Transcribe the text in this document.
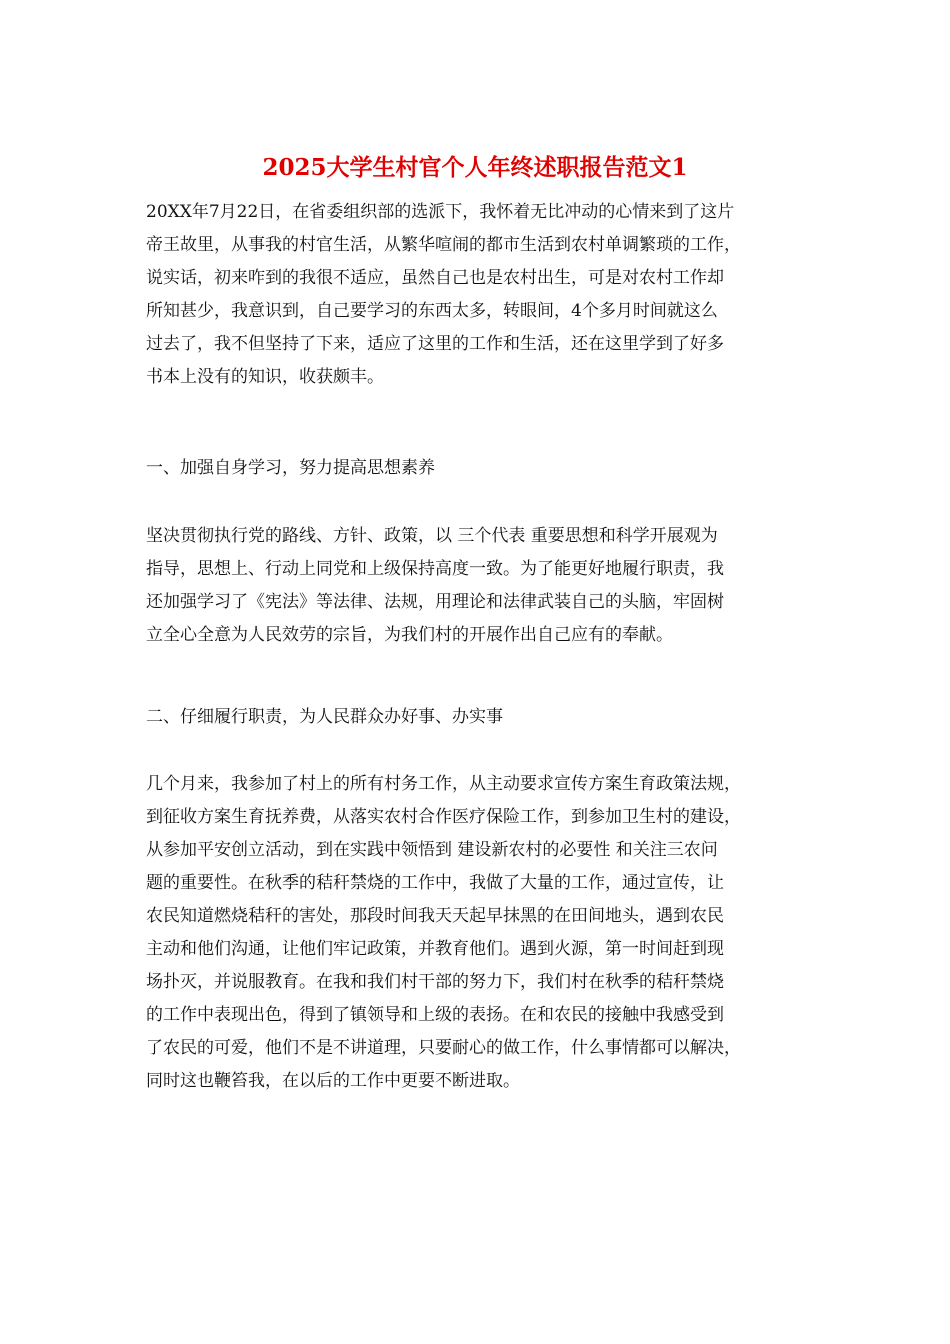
2025大学生村官个人年终述职报告范文1
20XX年7月22日，在省委组织部的选派下，我怀着无比冲动的心情来到了这片
帝王故里，从事我的村官生活，从繁华喧闹的都市生活到农村单调繁琐的工作，
说实话，初来咋到的我很不适应，虽然自己也是农村出生，可是对农村工作却
所知甚少，我意识到，自己要学习的东西太多，转眼间，4个多月时间就这么
过去了，我不但坚持了下来，适应了这里的工作和生活，还在这里学到了好多
书本上没有的知识，收获颇丰。
一、加强自身学习，努力提高思想素养
坚决贯彻执行党的路线、方针、政策，以 三个代表 重要思想和科学开展观为
指导，思想上、行动上同党和上级保持高度一致。为了能更好地履行职责，我
还加强学习了《宪法》等法律、法规，用理论和法律武装自己的头脑，牢固树
立全心全意为人民效劳的宗旨，为我们村的开展作出自己应有的奉献。
二、仔细履行职责，为人民群众办好事、办实事
几个月来，我参加了村上的所有村务工作，从主动要求宣传方案生育政策法规，
到征收方案生育抚养费，从落实农村合作医疗保险工作，到参加卫生村的建设，
从参加平安创立活动，到在实践中领悟到 建设新农村的必要性 和关注三农问
题的重要性。在秋季的秸秆禁烧的工作中，我做了大量的工作，通过宣传，让
农民知道燃烧秸秆的害处，那段时间我天天起早抹黑的在田间地头，遇到农民
主动和他们沟通，让他们牢记政策，并教育他们。遇到火源，第一时间赶到现
场扑灭，并说服教育。在我和我们村干部的努力下，我们村在秋季的秸秆禁烧
的工作中表现出色，得到了镇领导和上级的表扬。在和农民的接触中我感受到
了农民的可爱，他们不是不讲道理，只要耐心的做工作，什么事情都可以解决，
同时这也鞭笞我，在以后的工作中更要不断进取。
